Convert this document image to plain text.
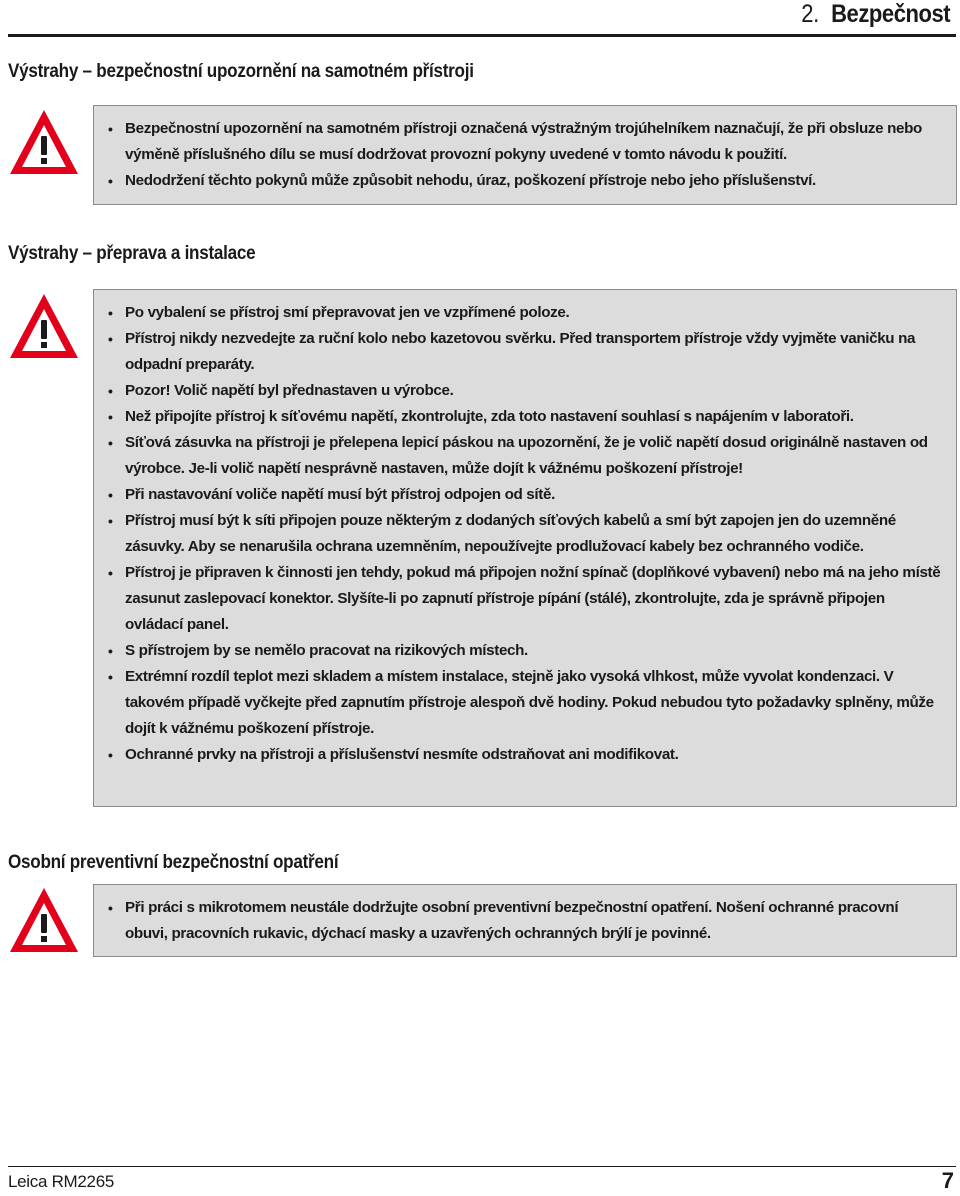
2. Bezpečnost
Výstrahy – bezpečnostní upozornění na samotném přístroji
• Bezpečnostní upozornění na samotném přístroji označená výstražným trojúhelníkem naznačují, že při obsluze nebo výměně příslušného dílu se musí dodržovat provozní pokyny uvedené v tomto návodu k použití.
• Nedodržení těchto pokynů může způsobit nehodu, úraz, poškození přístroje nebo jeho příslušenství.
Výstrahy – přeprava a instalace
• Po vybalení se přístroj smí přepravovat jen ve vzpřímené poloze.
• Přístroj nikdy nezvedejte za ruční kolo nebo kazetovou svěrku. Před transportem přístroje vždy vyjměte vaničku na odpadní preparáty.
• Pozor! Volič napětí byl přednastaven u výrobce.
• Než připojíte přístroj k síťovému napětí, zkontrolujte, zda toto nastavení souhlasí s napájením v laboratoři.
• Síťová zásuvka na přístroji je přelepena lepicí páskou na upozornění, že je volič napětí dosud originálně nastaven od výrobce. Je-li volič napětí nesprávně nastaven, může dojít k vážnému poškození přístroje!
• Při nastavování voliče napětí musí být přístroj odpojen od sítě.
• Přístroj musí být k síti připojen pouze některým z dodaných síťových kabelů a smí být zapojen jen do uzemněné zásuvky. Aby se nenarušila ochrana uzemněním, nepoužívejte prodlužovací kabely bez ochranného vodiče.
• Přístroj je připraven k činnosti jen tehdy, pokud má připojen nožní spínač (doplňkové vybavení) nebo má na jeho místě zasunut zaslepovací konektor. Slyšíte-li po zapnutí přístroje pípání (stálé), zkontrolujte, zda je správně připojen ovládací panel.
• S přístrojem by se nemělo pracovat na rizikových místech.
• Extrémní rozdíl teplot mezi skladem a místem instalace, stejně jako vysoká vlhkost, může vyvolat kondenzaci. V takovém případě vyčkejte před zapnutím přístroje alespoň dvě hodiny. Pokud nebudou tyto požadavky splněny, může dojít k vážnému poškození přístroje.
• Ochranné prvky na přístroji a příslušenství nesmíte odstraňovat ani modifikovat.
Osobní preventivní bezpečnostní opatření
• Při práci s mikrotomem neustále dodržujte osobní preventivní bezpečnostní opatření. Nošení ochranné pracovní obuvi, pracovních rukavic, dýchací masky a uzavřených ochranných brýlí je povinné.
Leica RM2265	7
